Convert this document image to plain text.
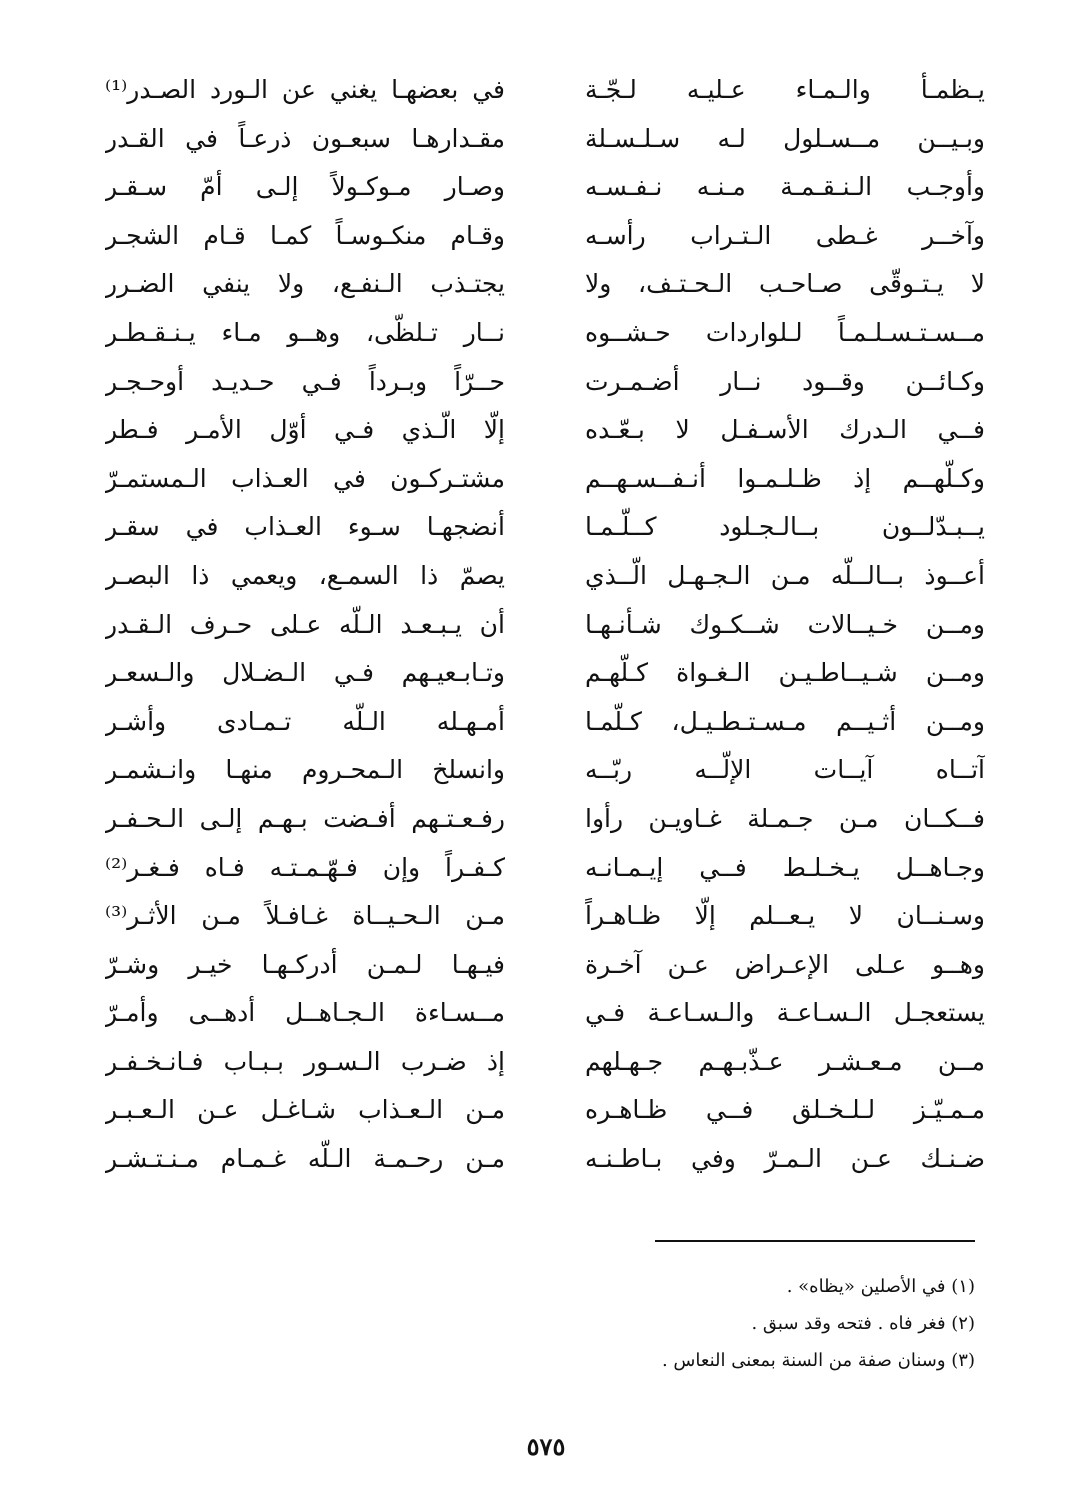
يـظمـأ والـمـاء عـليـه لـجّـة
وبـيــن مــسـلول لـه سـلـسـلة
وأوجـب الـنـقـمـة مـنـه نـفـسـه
وآخــر غـطى الـتـراب رأسـه
لا يـتـوقّى صـاحـب الـحـتـف، ولا
مــسـتـسـلـمـاً لـلواردات حـشــوه
وكـائــن وقــود نــار أضـمـرت
فــي الـدرك الأسـفـل لا بـعّـده
وكـلّهــم إذ ظـلـمـوا أنـفــسـهــم
يــبـدّلــون بــالـجـلود كــلّـمـا
أعــوذ بــالــلّه مـن الـجـهـل الّــذي
ومــن خـيــالات شــكـوك شـأنـهـا
ومــن شـيــاطـيـن الـغـواة كـلّهـم
ومــن أثـيــم مـسـتـطـيـل، كـلّمـا
آتــاه آيــات الإلّــه ربّــه
فــكــان مـن جـمـلة غـاويـن رأوا
وجـاهــل يـخـلـط فــي إيـمـانـه
وسـنــان لا يـعــلم إلّا ظـاهـراً
وهــو عـلى الإعـراض عـن آخـرة
يستعجـل الـسـاعـة والـسـاعـة فـي
مــن مـعـشـر عـذّبـهـم جـهـلهم
مـمـيّـز لـلـخـلق فــي ظـاهـره
ضـنـك عـن الـمـرّ وفي بـاطـنـه
في بعضهـا يغني عن الـورد الصـدر⁽¹⁾
مقـدارهـا سبعـون ذرعـاً في القـدر
وصـار مـوكـولاً إلـى أمّ سـقـر
وقـام منكـوسـاً كمـا قـام الشجـر
يجتـذب الـنفـع، ولا ينفي الضـرر
نــار تـلظّى، وهــو مـاء يـنـقـطـر
حــرّاً وبـرداً فـي حـديـد أوحـجـر
إلّا الّـذي فـي أوّل الأمـر فـطر
مشتـركـون في العـذاب الـمستمـرّ
أنضجهـا سـوء العـذاب في سقـر
يصمّ ذا السمـع، ويعمي ذا البصـر
أن يـبـعـد الـلّه عـلى حـرف الـقـدر
وتـابـعيـهم فـي الـضـلال والـسعـر
أمـهـله الـلّه تـمـادى وأشـر
وانسلخ الـمحـروم منهـا وانـشمـر
رفـعـتـهم أفـضت بـهـم إلـى الـحـفـر
كـفـراً وإن فـهّـمـتـه فـاه فـغـر⁽²⁾
مـن الـحـيــاة غـافـلاً مـن الأثـر⁽³⁾
فيـهـا لـمـن أدركـهـا خيـر وشـرّ
مــسـاءة الـجـاهــل أدهــى وأمـرّ
إذ ضـرب الـسـور بـبـاب فـانـخـفـر
مـن الـعـذاب شـاغـل عـن الـعـبـر
مـن رحـمـة الـلّه غـمـام مـنـتـشـر
(١) في الأصلين «يظاه» .
(٢) فغر فاه . فتحه وقد سبق .
(٣) وسنان صفة من السنة بمعنى النعاس .
٥٧٥
